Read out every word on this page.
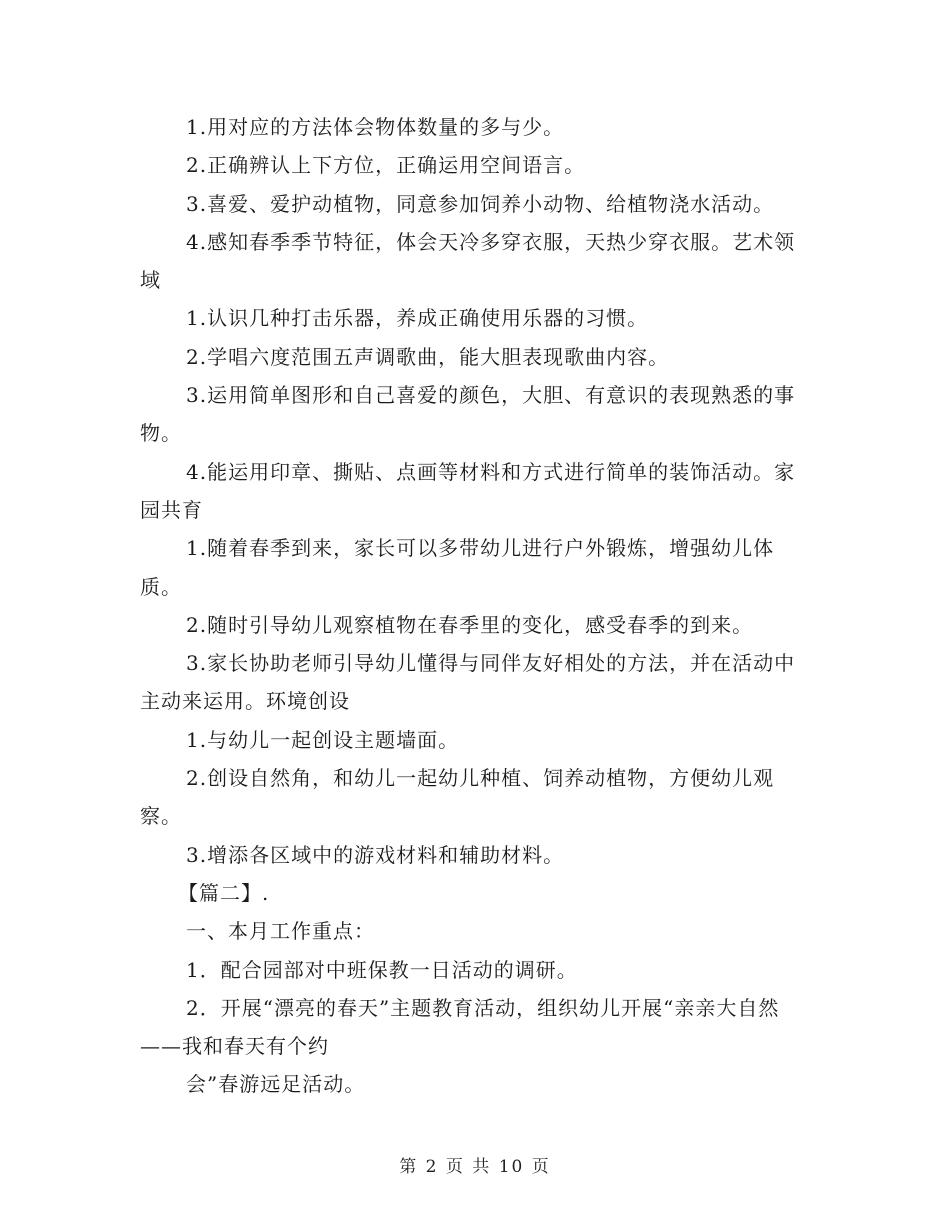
1.用对应的方法体会物体数量的多与少。

2.正确辨认上下方位，正确运用空间语言。

3.喜爱、爱护动植物，同意参加饲养小动物、给植物浇水活动。

4.感知春季季节特征，体会天冷多穿衣服，天热少穿衣服。艺术领域

1.认识几种打击乐器，养成正确使用乐器的习惯。

2.学唱六度范围五声调歌曲，能大胆表现歌曲内容。

3.运用简单图形和自己喜爱的颜色，大胆、有意识的表现熟悉的事物。

4.能运用印章、撕贴、点画等材料和方式进行简单的装饰活动。家园共育

1.随着春季到来，家长可以多带幼儿进行户外锻炼，增强幼儿体质。

2.随时引导幼儿观察植物在春季里的变化，感受春季的到来。

3.家长协助老师引导幼儿懂得与同伴友好相处的方法，并在活动中主动来运用。环境创设

1.与幼儿一起创设主题墙面。

2.创设自然角，和幼儿一起幼儿种植、饲养动植物，方便幼儿观察。

3.增添各区域中的游戏材料和辅助材料。

【篇二】.

一、本月工作重点：

1．配合园部对中班保教一日活动的调研。

2．开展“漂亮的春天”主题教育活动，组织幼儿开展“亲亲大自然——我和春天有个约

会”春游远足活动。

第 2 页 共 10 页
